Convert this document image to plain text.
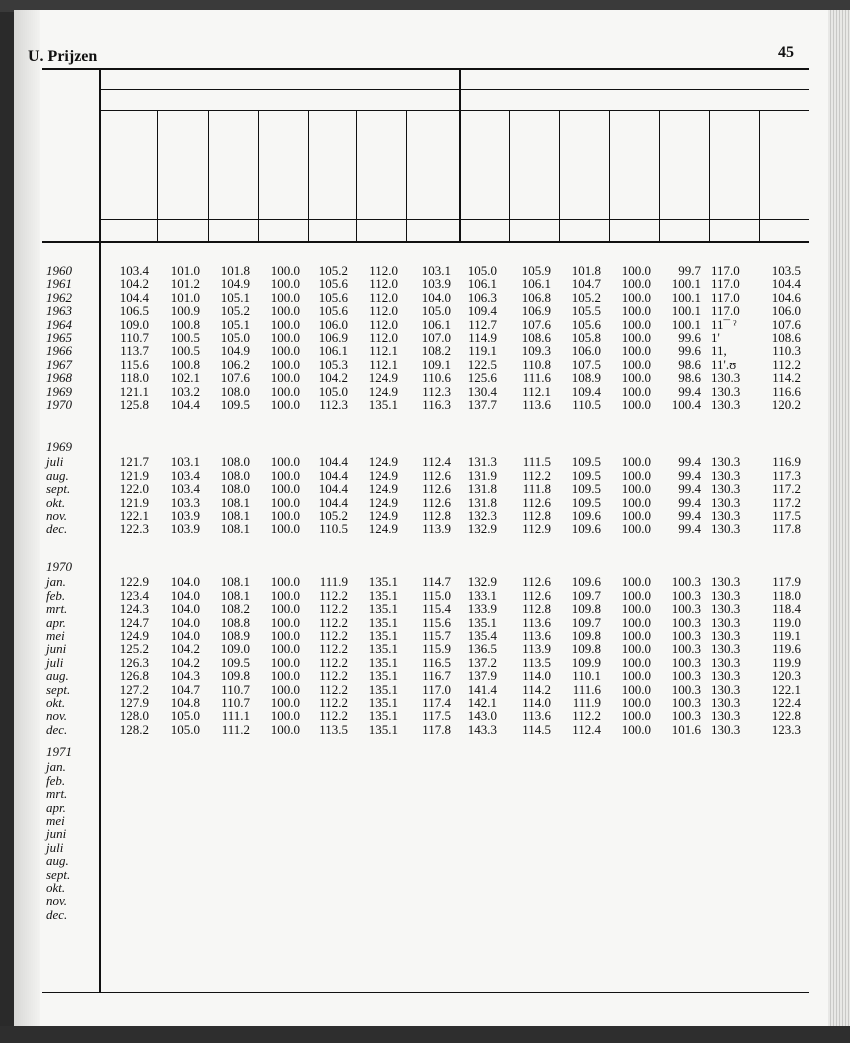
U. Prijzen	45
1960
1961
1962
1963
1964
1965
1966
1967
1968
1969
1970
103.4
104.2
104.4
106.5
109.0
110.7
113.7
115.6
118.0
121.1
125.8
101.0
101.2
101.0
100.9
100.8
100.5
100.5
100.8
102.1
103.2
104.4
101.8
104.9
105.1
105.2
105.1
105.0
104.9
106.2
107.6
108.0
109.5
100.0
100.0
100.0
100.0
100.0
100.0
100.0
100.0
100.0
100.0
100.0
105.2
105.6
105.6
105.6
106.0
106.9
106.1
105.3
104.2
105.0
112.3
112.0
112.0
112.0
112.0
112.0
112.0
112.1
112.1
124.9
124.9
135.1
103.1
103.9
104.0
105.0
106.1
107.0
108.2
109.1
110.6
112.3
116.3
105.0
106.1
106.3
109.4
112.7
114.9
119.1
122.5
125.6
130.4
137.7
105.9
106.1
106.8
106.9
107.6
108.6
109.3
110.8
111.6
112.1
113.6
101.8
104.7
105.2
105.5
105.6
105.8
106.0
107.5
108.9
109.4
110.5
100.0
100.0
100.0
100.0
100.0
100.0
100.0
100.0
100.0
100.0
100.0
99.7
100.1
100.1
100.1
100.1
99.6
99.6
98.6
98.6
99.4
100.4
117.0
117.0
117.0
117.0
11¯ ˀ
1'
11,
11'.ʊ
130.3
130.3
130.3
103.5
104.4
104.6
106.0
107.6
108.6
110.3
112.2
114.2
116.6
120.2
1969
juli
aug.
sept.
okt.
nov.
dec.
121.7
121.9
122.0
121.9
122.1
122.3
103.1
103.4
103.4
103.3
103.9
103.9
108.0
108.0
108.0
108.1
108.1
108.1
100.0
100.0
100.0
100.0
100.0
100.0
104.4
104.4
104.4
104.4
105.2
110.5
124.9
124.9
124.9
124.9
124.9
124.9
112.4
112.6
112.6
112.6
112.8
113.9
131.3
131.9
131.8
131.8
132.3
132.9
111.5
112.2
111.8
112.6
112.8
112.9
109.5
109.5
109.5
109.5
109.6
109.6
100.0
100.0
100.0
100.0
100.0
100.0
99.4
99.4
99.4
99.4
99.4
99.4
130.3
130.3
130.3
130.3
130.3
130.3
116.9
117.3
117.2
117.2
117.5
117.8
1970
jan.
feb.
mrt.
apr.
mei
juni
juli
aug.
sept.
okt.
nov.
dec.
122.9
123.4
124.3
124.7
124.9
125.2
126.3
126.8
127.2
127.9
128.0
128.2
104.0
104.0
104.0
104.0
104.0
104.2
104.2
104.3
104.7
104.8
105.0
105.0
108.1
108.1
108.2
108.8
108.9
109.0
109.5
109.8
110.7
110.7
111.1
111.2
100.0
100.0
100.0
100.0
100.0
100.0
100.0
100.0
100.0
100.0
100.0
100.0
111.9
112.2
112.2
112.2
112.2
112.2
112.2
112.2
112.2
112.2
112.2
113.5
135.1
135.1
135.1
135.1
135.1
135.1
135.1
135.1
135.1
135.1
135.1
135.1
114.7
115.0
115.4
115.6
115.7
115.9
116.5
116.7
117.0
117.4
117.5
117.8
132.9
133.1
133.9
135.1
135.4
136.5
137.2
137.9
141.4
142.1
143.0
143.3
112.6
112.6
112.8
113.6
113.6
113.9
113.5
114.0
114.2
114.0
113.6
114.5
109.6
109.7
109.8
109.7
109.8
109.8
109.9
110.1
111.6
111.9
112.2
112.4
100.0
100.0
100.0
100.0
100.0
100.0
100.0
100.0
100.0
100.0
100.0
100.0
100.3
100.3
100.3
100.3
100.3
100.3
100.3
100.3
100.3
100.3
100.3
101.6
130.3
130.3
130.3
130.3
130.3
130.3
130.3
130.3
130.3
130.3
130.3
130.3
117.9
118.0
118.4
119.0
119.1
119.6
119.9
120.3
122.1
122.4
122.8
123.3
1971
jan.
feb.
mrt.
apr.
mei
juni
juli
aug.
sept.
okt.
nov.
dec.
